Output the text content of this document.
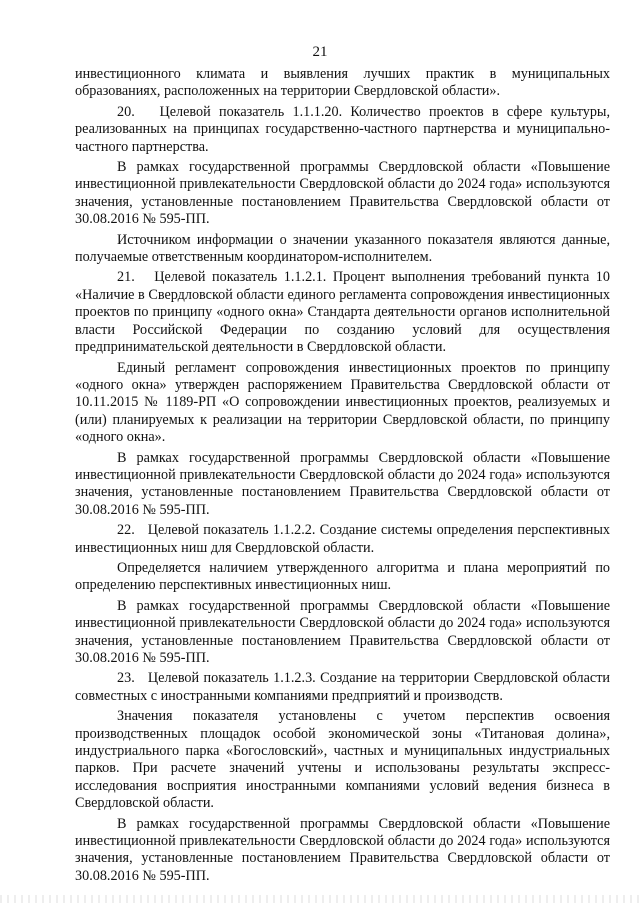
21

инвестиционного климата и выявления лучших практик в муниципальных образованиях, расположенных на территории Свердловской области».

20.   Целевой показатель 1.1.1.20. Количество проектов в сфере культуры, реализованных на принципах государственно-частного партнерства и муниципально-частного партнерства.

В рамках государственной программы Свердловской области «Повышение инвестиционной привлекательности Свердловской области до 2024 года» используются значения, установленные постановлением Правительства Свердловской области от 30.08.2016 № 595-ПП.

Источником информации о значении указанного показателя являются данные, получаемые ответственным координатором-исполнителем.

21.   Целевой показатель 1.1.2.1. Процент выполнения требований пункта 10 «Наличие в Свердловской области единого регламента сопровождения инвестиционных проектов по принципу «одного окна» Стандарта деятельности органов исполнительной власти Российской Федерации по созданию условий для осуществления предпринимательской деятельности в Свердловской области.

Единый регламент сопровождения инвестиционных проектов по принципу «одного окна» утвержден распоряжением Правительства Свердловской области от 10.11.2015 № 1189-РП «О сопровождении инвестиционных проектов, реализуемых и (или) планируемых к реализации на территории Свердловской области, по принципу «одного окна».

В рамках государственной программы Свердловской области «Повышение инвестиционной привлекательности Свердловской области до 2024 года» используются значения, установленные постановлением Правительства Свердловской области от 30.08.2016 № 595-ПП.

22.   Целевой показатель 1.1.2.2. Создание системы определения перспективных инвестиционных ниш для Свердловской области.

Определяется наличием утвержденного алгоритма и плана мероприятий по определению перспективных инвестиционных ниш.

В рамках государственной программы Свердловской области «Повышение инвестиционной привлекательности Свердловской области до 2024 года» используются значения, установленные постановлением Правительства Свердловской области от 30.08.2016 № 595-ПП.

23.   Целевой показатель 1.1.2.3. Создание на территории Свердловской области совместных с иностранными компаниями предприятий и производств.

Значения показателя установлены с учетом перспектив освоения производственных площадок особой экономической зоны «Титановая долина», индустриального парка «Богословский», частных и муниципальных индустриальных парков. При расчете значений учтены и использованы результаты экспресс-исследования восприятия иностранными компаниями условий ведения бизнеса в Свердловской области.

В рамках государственной программы Свердловской области «Повышение инвестиционной привлекательности Свердловской области до 2024 года» используются значения, установленные постановлением Правительства Свердловской области от 30.08.2016 № 595-ПП.
